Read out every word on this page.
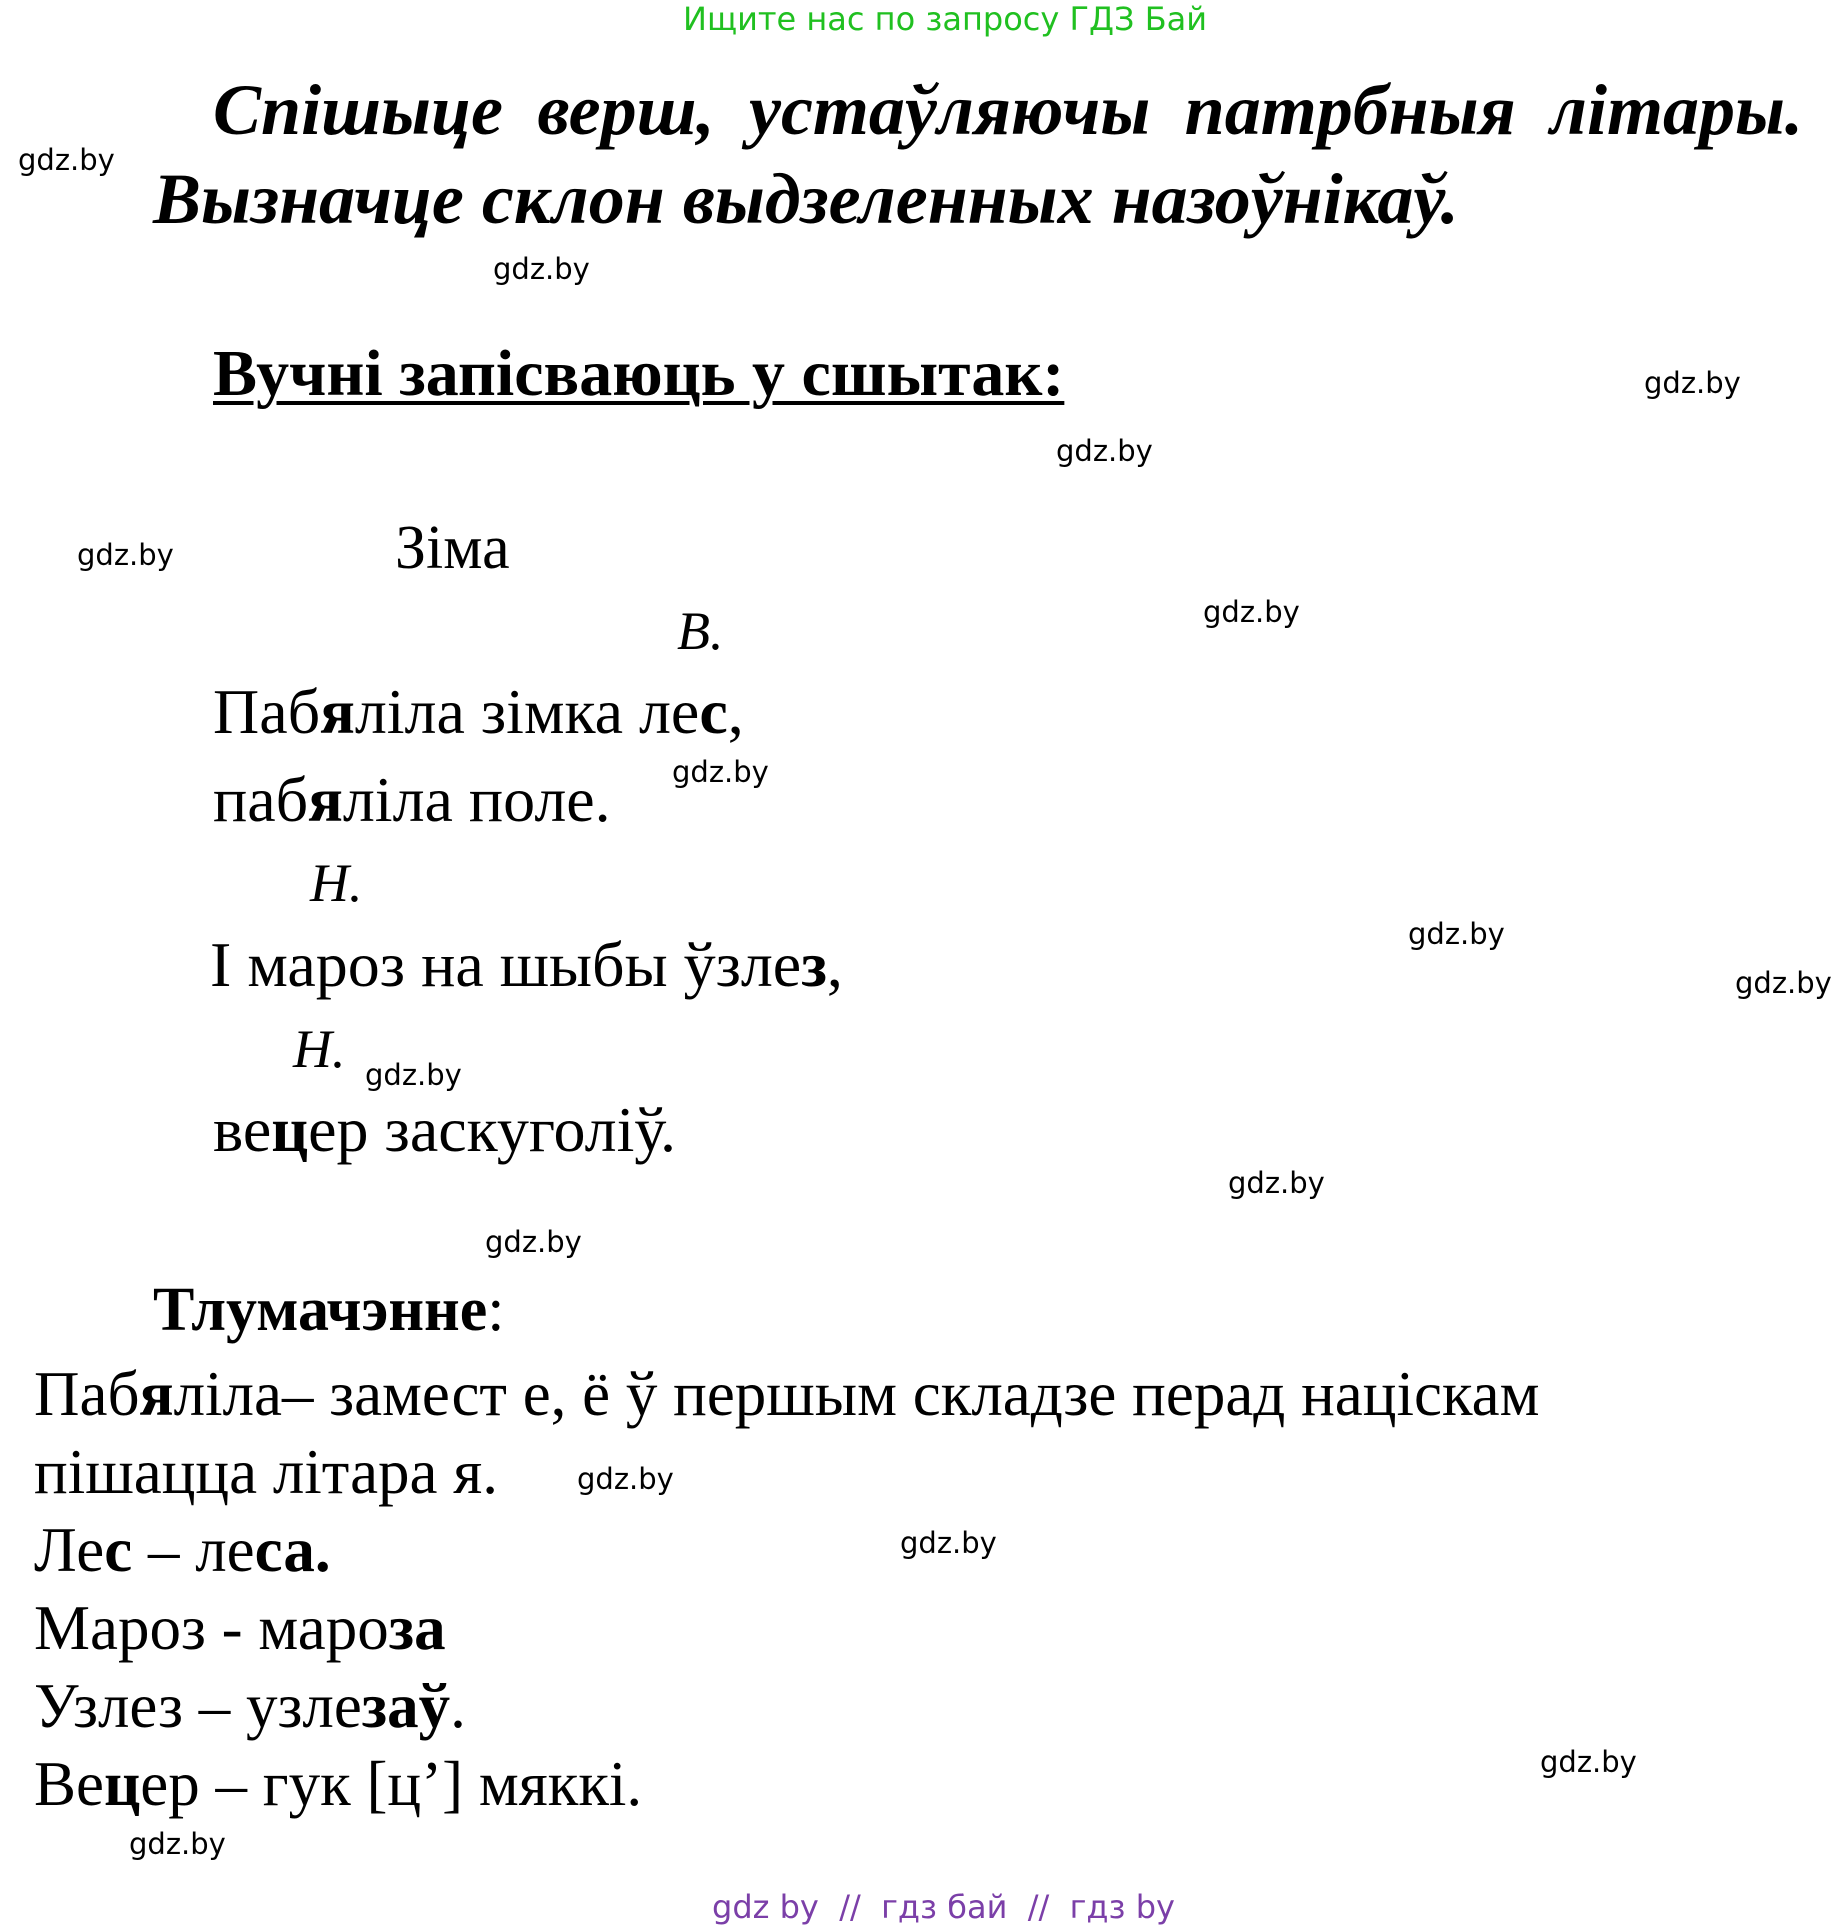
Ищите нас по запросу ГДЗ Бай
Спішыце верш, устаўляючы патрбныя літары.
Вызначце склон выдзеленных назоўнікаў.
Вучні запісваюць у сшытак:
Зіма
В.
Пабяліла зімка лес,
пабяліла поле.
Н.
І мароз на шыбы ўзлез,
Н.
вецер заскуголіў.
Тлумачэнне:
Пабяліла– замест е, ё ў першым складзе перад націскам
пішацца літара я.
Лес – леса.
Мароз - мароза
Узлез – узлезаў.
Вецер – гук [ц’] мяккі.
gdz.by
gdz.by
gdz.by
gdz.by
gdz.by
gdz.by
gdz.by
gdz.by
gdz.by
gdz.by
gdz.by
gdz.by
gdz.by
gdz.by
gdz.by
gdz.by
gdz by // гдз бай // гдз by
